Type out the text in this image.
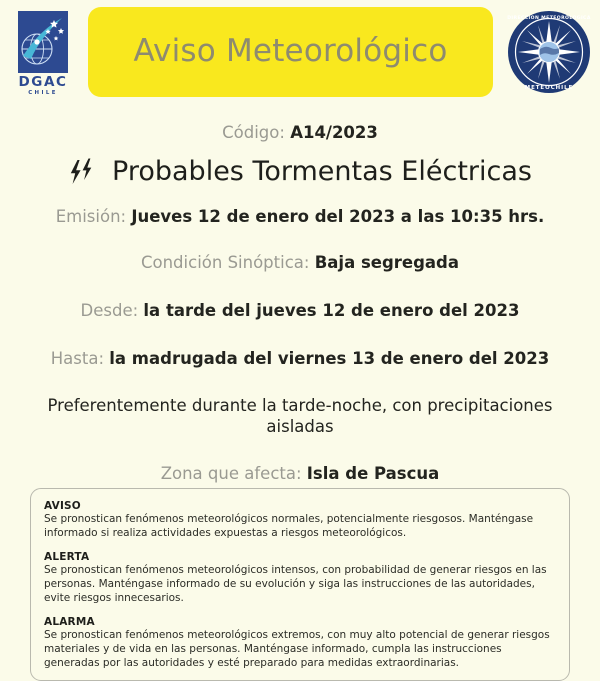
DGAC
CHILE
Aviso Meteorológico
DIRECCION METEOROLOGICA
METEOCHILE
Código: A14/2023
Probables Tormentas Eléctricas
Emisión: Jueves 12 de enero del 2023 a las 10:35 hrs.
Condición Sinóptica: Baja segregada
Desde: la tarde del jueves 12 de enero del 2023
Hasta: la madrugada del viernes 13 de enero del 2023
Preferentemente durante la tarde-noche, con precipitaciones aisladas
Zona que afecta: Isla de Pascua
AVISO
Se pronostican fenómenos meteorológicos normales, potencialmente riesgosos. Manténgase informado si realiza actividades expuestas a riesgos meteorológicos.
ALERTA
Se pronostican fenómenos meteorológicos intensos, con probabilidad de generar riesgos en las personas. Manténgase informado de su evolución y siga las instrucciones de las autoridades, evite riesgos innecesarios.
ALARMA
Se pronostican fenómenos meteorológicos extremos, con muy alto potencial de generar riesgos materiales y de vida en las personas. Manténgase informado, cumpla las instrucciones generadas por las autoridades y esté preparado para medidas extraordinarias.
